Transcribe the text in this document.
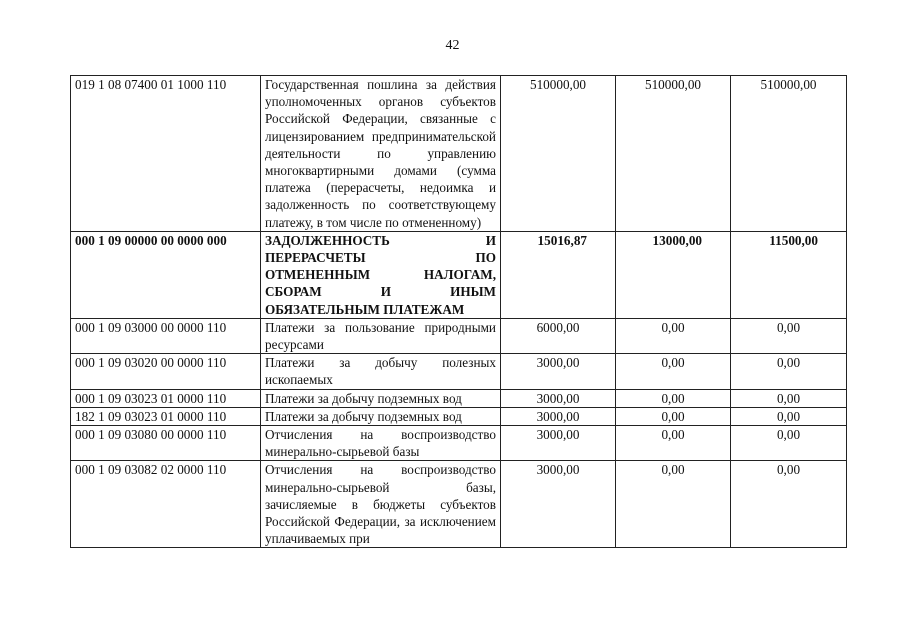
42
019 1 08 07400 01 1000 110	Государственная пошлина за действия уполномоченных органов субъектов Российской Федерации, связанные с лицензированием предпринимательской деятельности по управлению многоквартирными домами (сумма платежа (перерасчеты, недоимка и задолженность по соответствующему платежу, в том числе по отмененному)	510000,00	510000,00	510000,00
000 1 09 00000 00 0000 000	ЗАДОЛЖЕННОСТЬ И ПЕРЕРАСЧЕТЫ ПО ОТМЕНЕННЫМ НАЛОГАМ, СБОРАМ И ИНЫМ ОБЯЗАТЕЛЬНЫМ ПЛАТЕЖАМ	15016,87	13000,00	11500,00
000 1 09 03000 00 0000 110	Платежи за пользование природными ресурсами	6000,00	0,00	0,00
000 1 09 03020 00 0000 110	Платежи за добычу полезных ископаемых	3000,00	0,00	0,00
000 1 09 03023 01 0000 110	Платежи за добычу подземных вод	3000,00	0,00	0,00
182 1 09 03023 01 0000 110	Платежи за добычу подземных вод	3000,00	0,00	0,00
000 1 09 03080 00 0000 110	Отчисления на воспроизводство минерально-сырьевой базы	3000,00	0,00	0,00
000 1 09 03082 02 0000 110	Отчисления на воспроизводство минерально-сырьевой базы, зачисляемые в бюджеты субъектов Российской Федерации, за исключением уплачиваемых при	3000,00	0,00	0,00
